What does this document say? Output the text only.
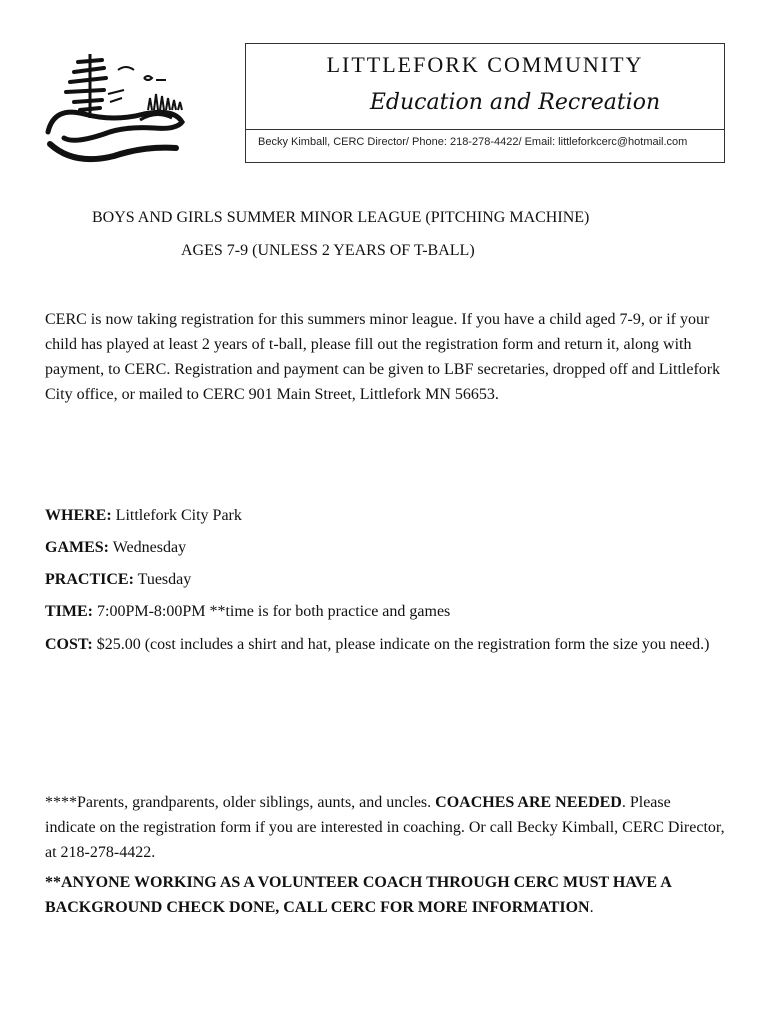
LITTLEFORK COMMUNITY
Education and Recreation
Becky Kimball, CERC Director/ Phone: 218-278-4422/ Email: littleforkcerc@hotmail.com
BOYS AND GIRLS SUMMER MINOR LEAGUE (PITCHING MACHINE)
AGES 7-9 (UNLESS 2 YEARS OF T-BALL)
CERC is now taking registration for this summers minor league. If you have a child aged 7-9, or if your child has played at least 2 years of t-ball, please fill out the registration form and return it, along with payment, to CERC. Registration and payment can be given to LBF secretaries, dropped off and Littlefork City office, or mailed to CERC 901 Main Street, Littlefork MN 56653.
WHERE: Littlefork City Park
GAMES: Wednesday
PRACTICE: Tuesday
TIME: 7:00PM-8:00PM **time is for both practice and games
COST: $25.00 (cost includes a shirt and hat, please indicate on the registration form the size you need.)
****Parents, grandparents, older siblings, aunts, and uncles. COACHES ARE NEEDED. Please indicate on the registration form if you are interested in coaching. Or call Becky Kimball, CERC Director, at 218-278-4422.
**ANYONE WORKING AS A VOLUNTEER COACH THROUGH CERC MUST HAVE A BACKGROUND CHECK DONE, CALL CERC FOR MORE INFORMATION.
